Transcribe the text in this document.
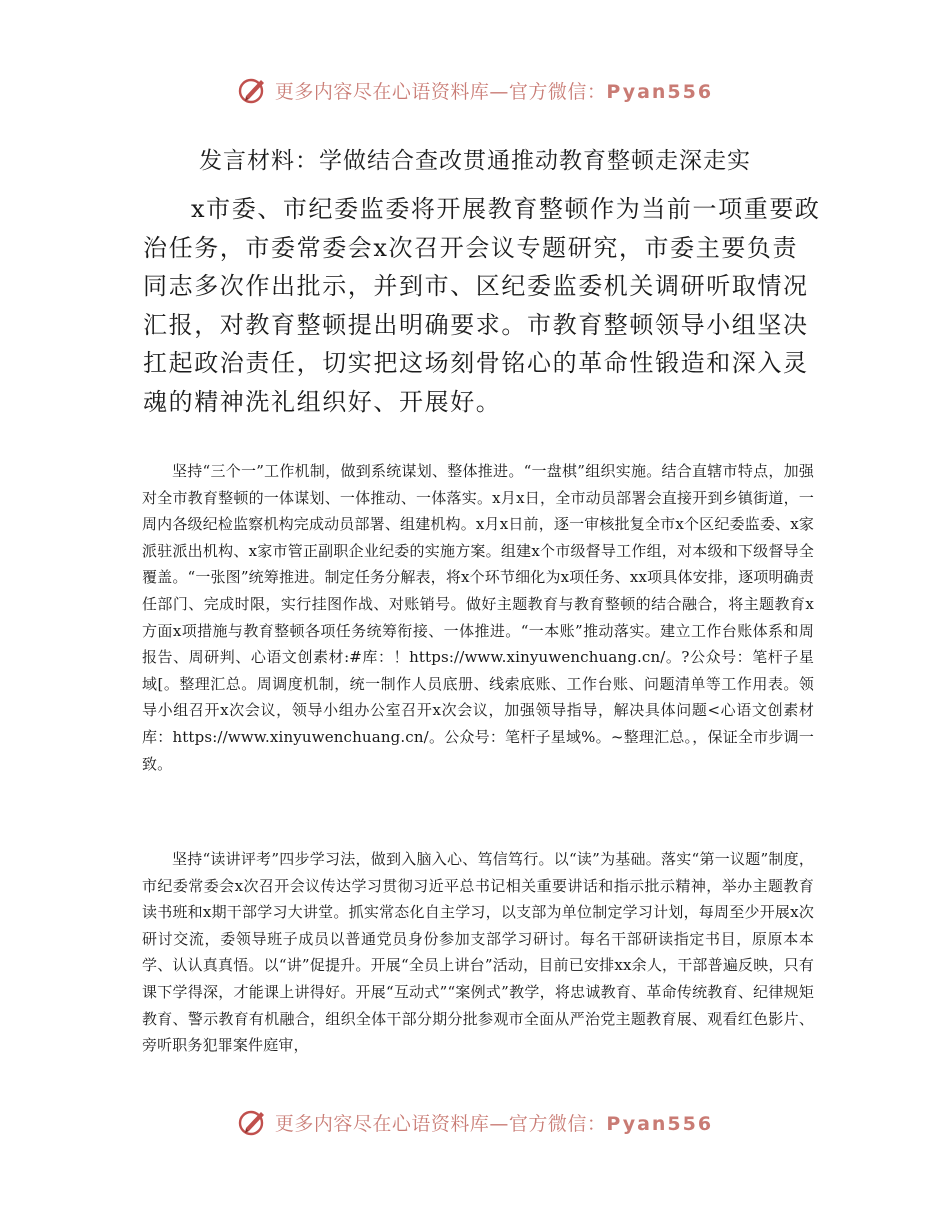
更多内容尽在心语资料库—官方微信：Pyan556
发言材料：学做结合查改贯通推动教育整顿走深走实

x市委、市纪委监委将开展教育整顿作为当前一项重要政治任务，市委常委会x次召开会议专题研究，市委主要负责同志多次作出批示，并到市、区纪委监委机关调研听取情况汇报，对教育整顿提出明确要求。市教育整顿领导小组坚决扛起政治责任，切实把这场刻骨铭心的革命性锻造和深入灵魂的精神洗礼组织好、开展好。

坚持“三个一”工作机制，做到系统谋划、整体推进。“一盘棋”组织实施。结合直辖市特点，加强对全市教育整顿的一体谋划、一体推动、一体落实。x月x日，全市动员部署会直接开到乡镇街道，一周内各级纪检监察机构完成动员部署、组建机构。x月x日前，逐一审核批复全市x个区纪委监委、x家派驻派出机构、x家市管正副职企业纪委的实施方案。组建x个市级督导工作组，对本级和下级督导全覆盖。“一张图”统筹推进。制定任务分解表，将x个环节细化为x项任务、xx项具体安排，逐项明确责任部门、完成时限，实行挂图作战、对账销号。做好主题教育与教育整顿的结合融合，将主题教育x方面x项措施与教育整顿各项任务统筹衔接、一体推进。“一本账”推动落实。建立工作台账体系和周报告、周研判、心语文创素材:#库：！https://www.xinyuwenchuang.cn/。?公众号：笔杆子星域[。整理汇总。周调度机制，统一制作人员底册、线索底账、工作台账、问题清单等工作用表。领导小组召开x次会议，领导小组办公室召开x次会议，加强领导指导，解决具体问题<心语文创素材库：https://www.xinyuwenchuang.cn/。公众号：笔杆子星域%。~整理汇总。，保证全市步调一致。

坚持“读讲评考”四步学习法，做到入脑入心、笃信笃行。以“读”为基础。落实“第一议题”制度，市纪委常委会x次召开会议传达学习贯彻习近平总书记相关重要讲话和指示批示精神，举办主题教育读书班和x期干部学习大讲堂。抓实常态化自主学习，以支部为单位制定学习计划，每周至少开展x次研讨交流，委领导班子成员以普通党员身份参加支部学习研讨。每名干部研读指定书目，原原本本学、认认真真悟。以“讲”促提升。开展“全员上讲台”活动，目前已安排xx余人，干部普遍反映，只有课下学得深，才能课上讲得好。开展“互动式”“案例式”教学，将忠诚教育、革命传统教育、纪律规矩教育、警示教育有机融合，组织全体干部分期分批参观市全面从严治党主题教育展、观看红色影片、旁听职务犯罪案件庭审，

更多内容尽在心语资料库—官方微信：Pyan556
